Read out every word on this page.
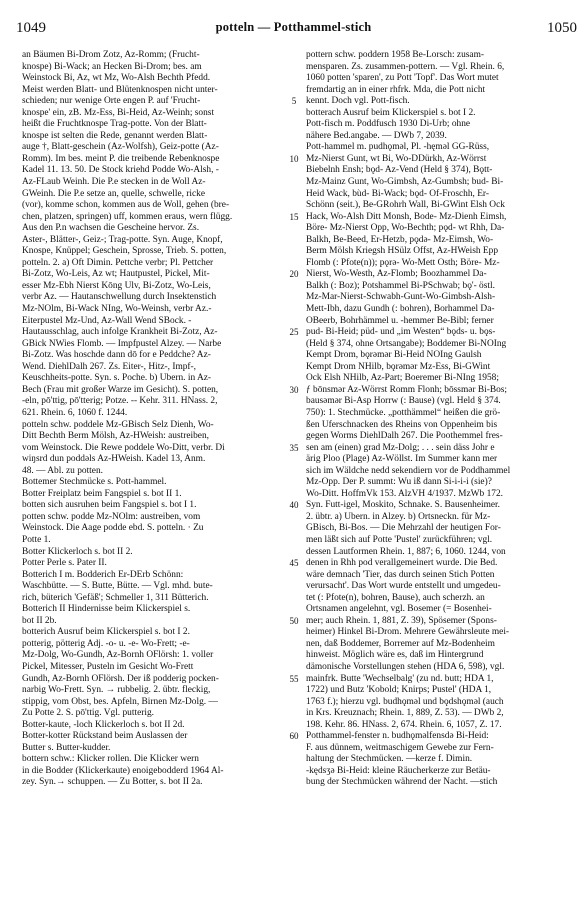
1049	potteln — Potthammel-stich	1050
an Bäumen Bi-Drom Zotz, Az-Romm; (Frucht-
knospe) Bi-Wack; an Hecken Bi-Drom; bes. am
Weinstock Bi, Az, wt Mz, Wo-Alsh Bechth Pfedd.
Meist werden Blatt- und Blütenknospen nicht unter-
schieden; nur wenige Orte engen P. auf 'Frucht-
knospe' ein, zB. Mz-Ess, Bi-Heid, Az-Weinh; sonst
heißt die Fruchtknospe Trag-potte. Von der Blatt-
knospe ist selten die Rede, genannt werden Blatt-
auge †, Blatt-geschein (Az-Wolfsh), Geiz-potte (Az-
Romm). Im bes. meint P. die treibende Rebenknospe
Kadel 11. 13. 50. De Stock kriehd Podde Wo-Alsh, -
Az-FLaub Weinh. Die P.e stecken in de Woll Az-
GWeinh. Die P.e setze an, quelle, schwelle, ricke
(vor), komme schon, kommen aus de Woll, gehen (bre-
chen, platzen, springen) uff, kommen eraus, wern flügg.
Aus den P.n wachsen die Gescheine hervor. Zs.
Äster-, Blätter-, Geiz-; Trag-potte. Syn. Auge, Knopf,
Knospe, Knüppel; Geschein, Sprosse, Trieb. S. potten,
potteln. 2. a) Oft Dimin. Pettche verbr; Pl. Pettcher
Bi-Zotz, Wo-Leis, Az wt; Hautpustel, Pickel, Mit-
esser Mz-Ebh Nierst Kōng Ülv, Bi-Zotz, Wo-Leis,
verbr Az. — Hautanschwellung durch Insektenstich
Mz-NOlm, Bi-Wack NIng, Wo-Weinsh, verbr Az.-
Eiterpustel Mz-Und, Az-Wall Wend SBock. -
Hautausschlag, auch infolge Krankheit Bi-Zotz, Az-
GBick NWies Flomb. — Impfpustel Alzey. — Narbe
Bi-Zotz. Was hoschde dann dō for e Peddche? Az-
Wend. DiehlDalh 267. Zs. Eiter-, Hitz-, Impf-,
Keuschheits-potte. Syn. s. Poche. b) Übern. in Az-
Bech (Frau mit großer Warze im Gesicht). S. potten,
-eln, pō'ttig, pō'tterig; Potze. -- Kehr. 311. HNass. 2,
621. Rhein. 6, 1060 f. 1244.
potteln schw. poddele Mz-GBisch Selz Dienh, Wo-
Ditt Bechth Berm Mölsh, Az-HWeish: austreiben,
vom Weinstock. Die Rewe poddele Wo-Ditt, verbr. Di
wiŋsrd dun poddəls Az-HWeish. Kadel 13, Anm.
48. — Abl. zu potten.
Bottemer Stechmücke s. Pott-hammel.
Botter Freiplatz beim Fangspiel s. bot II 1.
botten sich ausruhen beim Fangspiel s. bot I 1.
potten schw. podde Mz-NOlm: austreiben, vom
Weinstock. Die Aage podde ebd. S. potteln. · Zu
Potte 1.
Botter Klickerloch s. bot II 2.
Potter Perle s. Pater II.
Botterich I m. Bodderich Er-DErb Schönn:
Waschbütte. — S. Butte, Bütte. — Vgl. mhd. bute-
rich, büterich 'Gefäß'; Schmeller 1, 311 Bütterich.
Botterich II Hindernisse beim Klickerspiel s.
bot II 2b.
botterich Ausruf beim Klickerspiel s. bot I 2.
potterig, pötterig Adj. -o- u. -e- Wo-Frett; -e-
Mz-Dolg, Wo-Gundh, Az-Bornh OFlörsh: 1. voller
Pickel, Mitesser, Pusteln im Gesicht Wo-Frett
Gundh, Az-Bornh OFlörsh. Der iß podderig pocken-
narbig Wo-Frett. Syn. → rubbelig. 2. übtr. fleckig,
stippig, vom Obst, bes. Äpfeln, Birnen Mz-Dolg. —
Zu Potte 2. S. pō'ttig. Vgl. putterig.
Botter-kaute, -loch Klickerloch s. bot II 2d.
Botter-kotter Rückstand beim Auslassen der
Butter s. Butter-kudder.
bottern schw.: Klicker rollen. Die Klicker wern
in die Bodder (Klickerkaute) enoigebodderd 1964 Al-
zey. Syn.→ schuppen. — Zu Botter, s. bot II 2a.
5
10
15
20
25
30
35
40
45
50
55
60
pottern schw. poddern 1958 Be-Lorsch: zusam-
mensparen. Zs. zusammen-pottern. — Vgl. Rhein. 6,
1060 potten 'sparen', zu Pott 'Topf'. Das Wort mutet
fremdartig an in einer rhfrk. Mda, die Pott nicht
kennt. Doch vgl. Pott-fisch.
botterach Ausruf beim Klickerspiel s. bot I 2.
Pott-fisch m. Poddfusch 1930 Di-Urb; ohne
nähere Bed.angabe. — DWb 7, 2039.
Pott-hammel m. pudhǫmǝl, Pl. -hęmǝl GG-Rüss,
Mz-Nierst Gunt, wt Bi, Wo-DDürkh, Az-Wörrst
Biebelnh Ensh; bǫd- Az-Vend (Held § 374), Bǫtt-
Mz-Mainz Gunt, Wo-Gimbsh, Az-Gumbsh; bud- Bi-
Heid Wack, bùd- Bi-Wack; bǫd- Of-Froschh, Er-
Schönn (seit.), Be-GRohrh Wall, Bi-GWint Elsh Ock
Hack, Wo-Alsh Ditt Monsh, Bode- Mz-Dienh Eimsh,
Böre- Mz-Nierst Opp, Wo-Bechth; pǫd- wt Rhh, Da-
Balkh, Be-Beed, Er-Hetzb, pǫdǝ- Mz-Eimsh, Wo-
Berm Mölsh Kriegsh HSülz Offst, Az-HWeish Epp
Flomb (: Pfote(n)); pǫrǝ- Wo-Mett Osth; Böre- Mz-
Nierst, Wo-Westh, Az-Flomb; Boozhammel Da-
Balkh (: Boz); Potshammel Bi-PSchwab; bǫ'- östl.
Mz-Mar-Nierst-Schwabh-Gunt-Wo-Gimbsh-Alsh-
Mett-Ibh, dazu Gundh (: bohren), Borhammel Da-
OBeerb, Bohrhämmel u. -hemmer Be-Bibl; ferner
pud- Bi-Heid; püd- und „im Westen“ bǫds- u. bǫs-
(Held § 374, ohne Ortsangabe); Boddemer Bi-NOIng
Kempt Drom, bǫrǝmǝr Bi-Heid NOIng Gaulsh
Kempt Drom NHilb, bǫrǝmǝr Mz-Ess, Bi-GWint
Ock Elsh NHilb, Az-Part; Boeremer Bi-NIng 1958;
ƒ bōnsmǝr Az-Wörrst Romm Flonh; bōssmǝr Bi-Bos;
bausǝmǝr Bi-Asp Horrw (: Bause) (vgl. Held § 374.
750): 1. Stechmücke. „potthämmel“ heißen die grö-
ßen Uferschnacken des Rheins von Oppenheim bis
gegen Worms DiehlDalh 267. Die Poothemmel fres-
sen am (einen) grad Mz-Dolg; . . . sein däss Johr e
ärig Ploo (Plage) Az-Wöllst. Im Summer kann mer
sich im Wäldche nedd sekendiern vor de Poddhammel
Mz-Opp. Der P. summt: Wu iß dann Si-i-i-i (sie)?
Wo-Ditt. HoffmVk 153. AlzVH 4/1937. MzWb 172.
Syn. Futt-igel, Moskito, Schnake. S. Bausenheimer.
2. übtr. a) Übern. in Alzey. b) Ortsneckn. für Mz-
GBisch, Bi-Bos. — Die Mehrzahl der heutigen For-
men läßt sich auf Potte 'Pustel' zurückführen; vgl.
dessen Lautformen Rhein. 1, 887; 6, 1060. 1244, von
denen in Rhh pod verallgemeinert wurde. Die Bed.
wäre demnach 'Tier, das durch seinen Stich Potten
verursacht'. Das Wort wurde entstellt und umgedeu-
tet (: Pfote(n), bohren, Bause), auch scherzh. an
Ortsnamen angelehnt, vgl. Bosemer (= Bosenhei-
mer; auch Rhein. 1, 881, Z. 39), Spösemer (Spons-
heimer) Hinkel Bi-Drom. Mehrere Gewährsleute mei-
nen, daß Boddemer, Borremer auf Mz-Bodenheim
hinweist. Möglich wäre es, daß im Hintergrund
dämonische Vorstellungen stehen (HDA 6, 598), vgl.
mainfrk. Butte 'Wechselbalg' (zu nd. butt; HDA 1,
1722) und Butz 'Kobold; Knirps; Pustel' (HDA 1,
1763 f.); hierzu vgl. budhǫmǝl und bǫdshǫmǝl (auch
in Krs. Kreuznach; Rhein. 1, 889, Z. 53). — DWb 2,
198. Kehr. 86. HNass. 2, 674. Rhein. 6, 1057, Z. 17.
Potthammel-fenster n. budhǫmǝlfensdǝ Bi-Heid:
F. aus dünnem, weitmaschigem Gewebe zur Fern-
haltung der Stechmücken. —kerze f. Dimin.
-kędsʒǝ Bi-Heid: kleine Räucherkerze zur Betäu-
bung der Stechmücken während der Nacht. —stich
